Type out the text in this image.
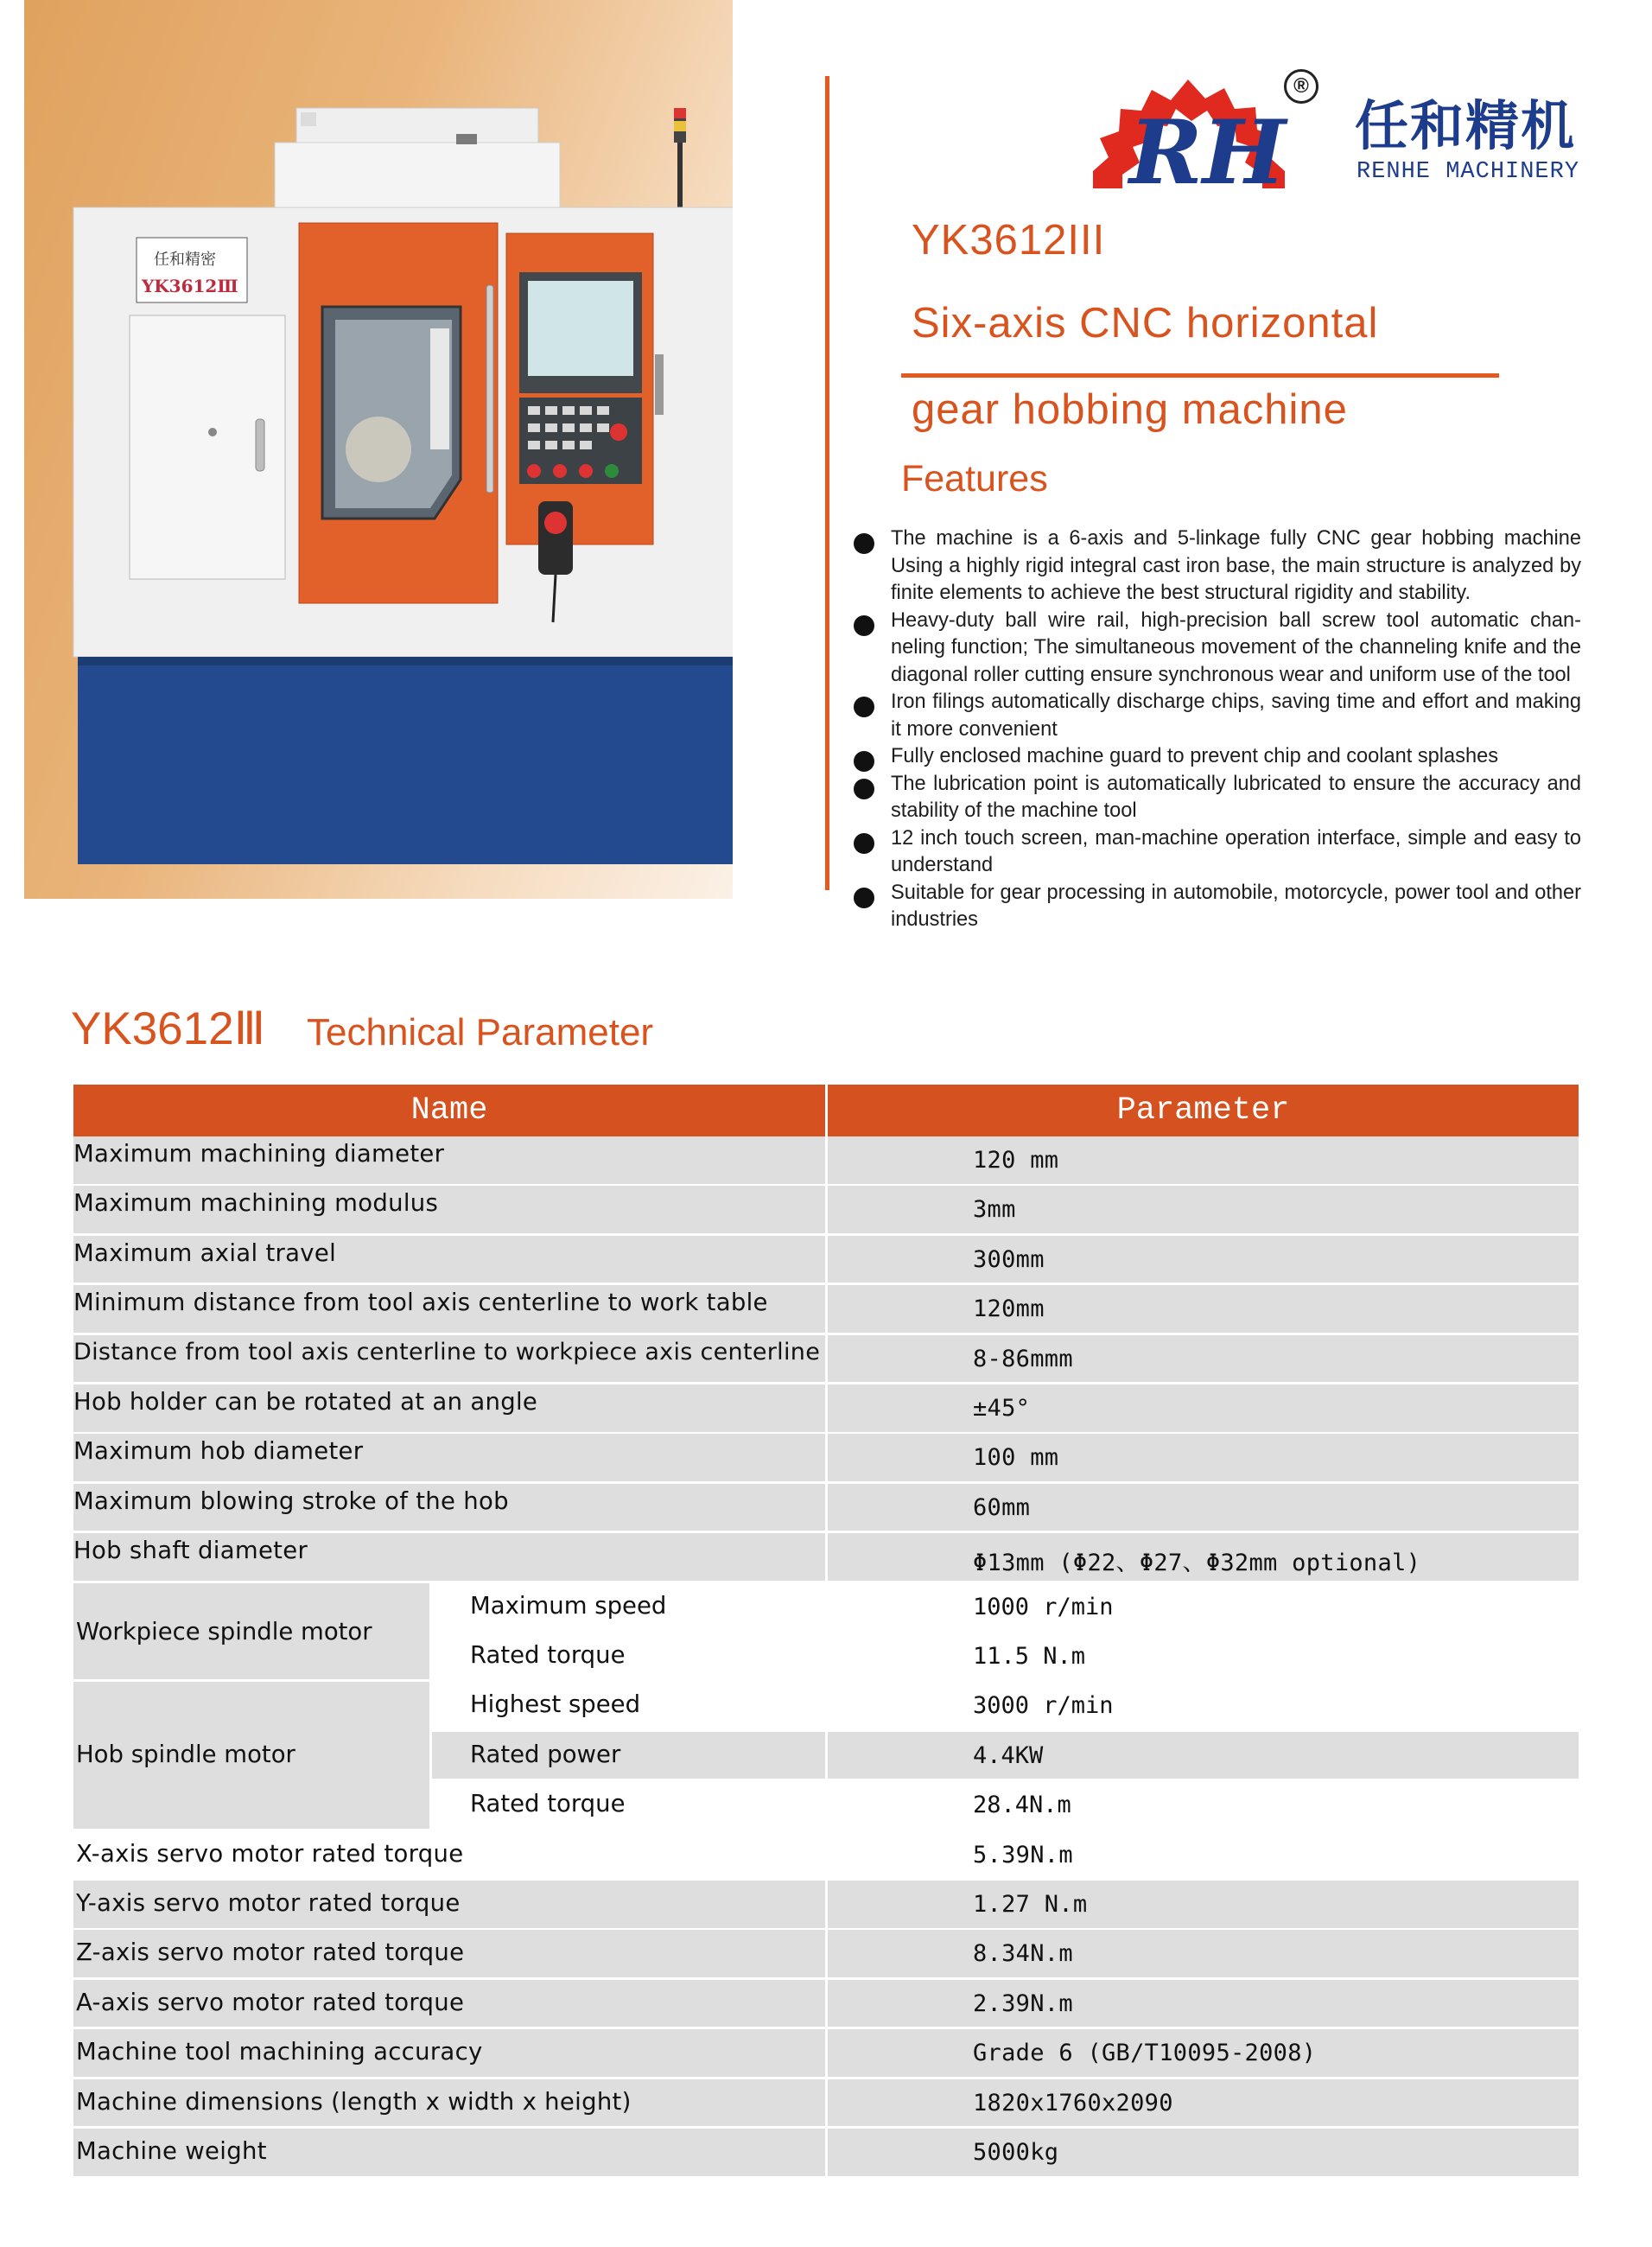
任和精密
YK3612Ⅲ
RH
®
任和精机
RENHE MACHINERY
YK3612III
Six-axis CNC horizontal
gear hobbing machine
Features
The machine is a 6-axis and 5-linkage fully CNC gear hobbing machine Using a highly rigid integral cast iron base, the main structure is analyzed by finite elements to achieve the best structural rigidity and stability.
Heavy-duty ball wire rail, high-precision ball screw tool automatic chan-neling function; The simultaneous movement of the channeling knife and the diagonal roller cutting ensure synchronous wear and uniform use of the tool
Iron filings automatically discharge chips, saving time and effort and making it more convenient
Fully enclosed machine guard to prevent chip and coolant splashes
The lubrication point is automatically lubricated to ensure the accuracy and stability of the machine tool
12 inch touch screen, man-machine operation interface, simple and easy to understand
Suitable for gear processing in automobile, motorcycle, power tool and other industries
YK3612Ⅲ Technical Parameter
Name	Parameter
Maximum machining diameter	120 mm
Maximum machining modulus	3mm
Maximum axial travel	300mm
Minimum distance from tool axis centerline to work table	120mm
Distance from tool axis centerline to workpiece axis centerline	8-86mmm
Hob holder can be rotated at an angle	±45°
Maximum hob diameter	100 mm
Maximum blowing stroke of the hob	60mm
Hob shaft diameter	Φ13mm (Φ22、Φ27、Φ32mm optional)
Workpiece spindle motor
Maximum speed	1000 r/min
Rated torque	11.5 N.m
Hob spindle motor
Highest speed	3000 r/min
Rated power	4.4KW
Rated torque	28.4N.m
X-axis servo motor rated torque	5.39N.m
Y-axis servo motor rated torque	1.27 N.m
Z-axis servo motor rated torque	8.34N.m
A-axis servo motor rated torque	2.39N.m
Machine tool machining accuracy	Grade 6 (GB/T10095-2008)
Machine dimensions (length x width x height)	1820x1760x2090
Machine weight	5000kg
